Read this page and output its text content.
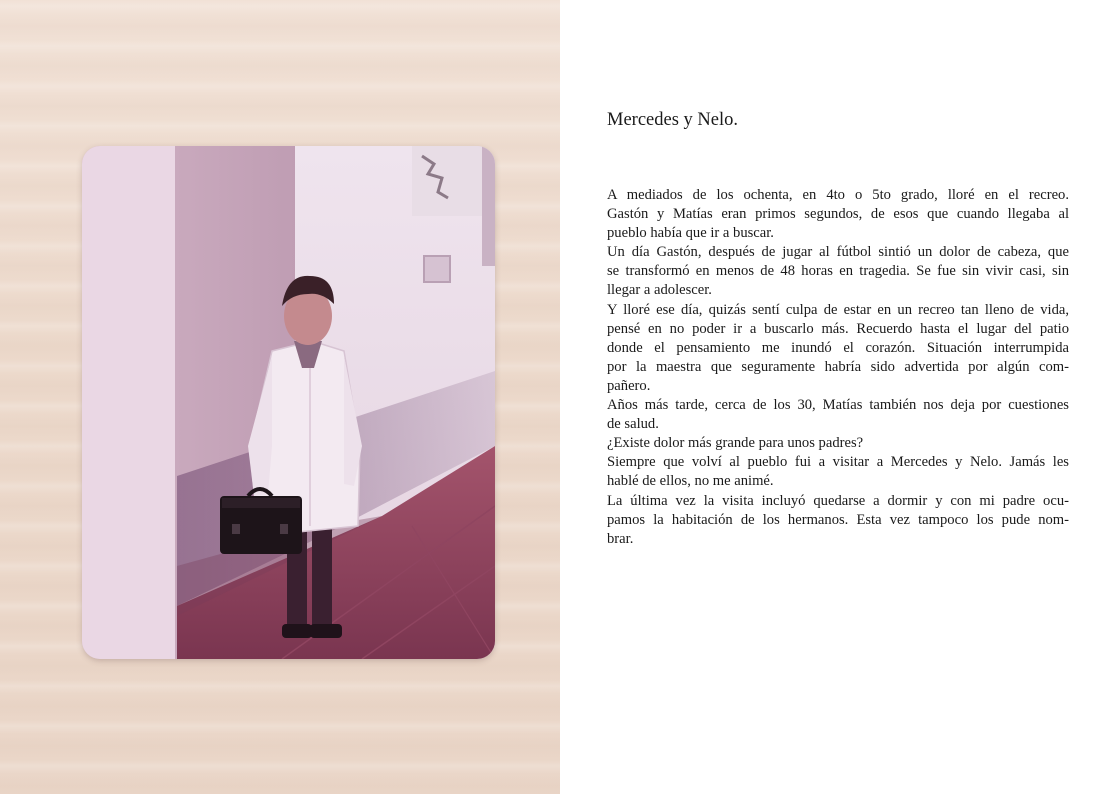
Mercedes y Nelo.
A mediados de los ochenta, en 4to o 5to grado, lloré en el recreo.
Gastón y Matías eran primos segundos, de esos que cuando llegaba al
pueblo había que ir a buscar.
Un día Gastón, después de jugar al fútbol sintió un dolor de cabeza, que
se transformó en menos de 48 horas en tragedia. Se fue sin vivir casi, sin
llegar a adolescer.
Y lloré ese día, quizás sentí culpa de estar en un recreo tan lleno de vida,
pensé en no poder ir a buscarlo más. Recuerdo hasta el lugar del patio
donde el pensamiento me inundó el corazón. Situación interrumpida
por la maestra que seguramente habría sido advertida por algún com-
pañero.
Años más tarde, cerca de los 30, Matías también nos deja por cuestiones
de salud.
¿Existe dolor más grande para unos padres?
Siempre que volví al pueblo fui a visitar a Mercedes y Nelo. Jamás les
hablé de ellos, no me animé.
La última vez la visita incluyó quedarse a dormir y con mi padre ocu-
pamos la habitación de los hermanos. Esta vez tampoco los pude nom-
brar.
